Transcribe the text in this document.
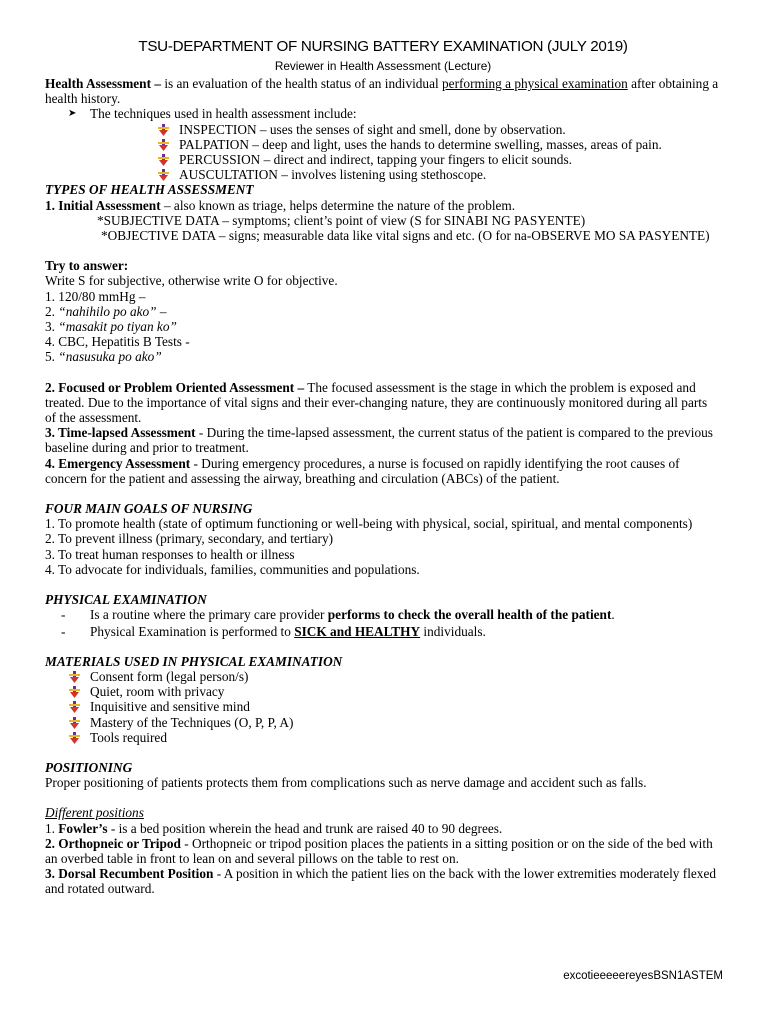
TSU-DEPARTMENT OF NURSING BATTERY EXAMINATION (JULY 2019)
Reviewer in Health Assessment (Lecture)

Health Assessment – is an evaluation of the health status of an individual performing a physical examination after obtaining a health history.

➤	The techniques used in health assessment include:
INSPECTION – uses the senses of sight and smell, done by observation.
PALPATION – deep and light, uses the hands to determine swelling, masses, areas of pain.
PERCUSSION – direct and indirect, tapping your fingers to elicit sounds.
AUSCULTATION – involves listening using stethoscope.

TYPES OF HEALTH ASSESSMENT

1. Initial Assessment – also known as triage, helps determine the nature of the problem.

*SUBJECTIVE DATA – symptoms; client’s point of view (S for SINABI NG PASYENTE)

*OBJECTIVE DATA – signs; measurable data like vital signs and etc. (O for na-OBSERVE MO SA PASYENTE)

Try to answer:

Write S for subjective, otherwise write O for objective.

1. 120/80 mmHg –

2. “nahihilo po ako” –

3. “masakit po tiyan ko”

4. CBC, Hepatitis B Tests -

5. “nasusuka po ako”

2. Focused or Problem Oriented Assessment – The focused assessment is the stage in which the problem is exposed and treated. Due to the importance of vital signs and their ever-changing nature, they are continuously monitored during all parts of the assessment.

3. Time-lapsed Assessment - During the time-lapsed assessment, the current status of the patient is compared to the previous baseline during and prior to treatment.

4. Emergency Assessment - During emergency procedures, a nurse is focused on rapidly identifying the root causes of concern for the patient and assessing the airway, breathing and circulation (ABCs) of the patient.

FOUR MAIN GOALS OF NURSING

1. To promote health (state of optimum functioning or well-being with physical, social, spiritual, and mental components)

2. To prevent illness (primary, secondary, and tertiary)

3. To treat human responses to health or illness

4. To advocate for individuals, families, communities and populations.

PHYSICAL EXAMINATION

-	Is a routine where the primary care provider performs to check the overall health of the patient.
-	Physical Examination is performed to SICK and HEALTHY individuals.

MATERIALS USED IN PHYSICAL EXAMINATION

Consent form (legal person/s)
Quiet, room with privacy
Inquisitive and sensitive mind
Mastery of the Techniques (O, P, P, A)
Tools required

POSITIONING

Proper positioning of patients protects them from complications such as nerve damage and accident such as falls.

Different positions

1. Fowler’s - is a bed position wherein the head and trunk are raised 40 to 90 degrees.

2. Orthopneic or Tripod - Orthopneic or tripod position places the patients in a sitting position or on the side of the bed with an overbed table in front to lean on and several pillows on the table to rest on.

3. Dorsal Recumbent Position - A position in which the patient lies on the back with the lower extremities moderately flexed and rotated outward.

excotieeeeereyesBSN1ASTEM
